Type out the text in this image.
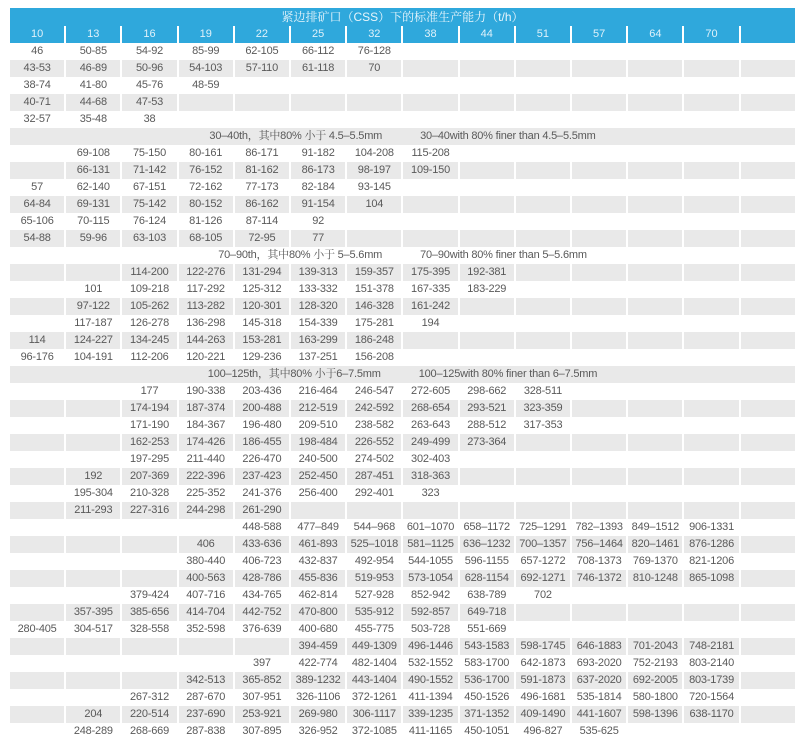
紧边排矿口（CSS）下的标准生产能力（t/h）													
10	13	16	19	22	25	32	38	44	51	57	64	70	
46	50-85	54-92	85-99	62-105	66-112	76-128							
43-53	46-89	50-96	54-103	57-110	61-118	70							
38-74	41-80	45-76	48-59										
40-71	44-68	47-53											
32-57	35-48	38											
30–40th，其中80% 小于 4.5–5.5mm 30–40with 80% finer than 4.5–5.5mm													
	69-108	75-150	80-161	86-171	91-182	104-208	115-208						
	66-131	71-142	76-152	81-162	86-173	98-197	109-150						
57	62-140	67-151	72-162	77-173	82-184	93-145							
64-84	69-131	75-142	80-152	86-162	91-154	104							
65-106	70-115	76-124	81-126	87-114	92								
54-88	59-96	63-103	68-105	72-95	77								
70–90th，其中80% 小于 5–5.6mm 70–90with 80% finer than 5–5.6mm													
		114-200	122-276	131-294	139-313	159-357	175-395	192-381					
	101	109-218	117-292	125-312	133-332	151-378	167-335	183-229					
	97-122	105-262	113-282	120-301	128-320	146-328	161-242						
	117-187	126-278	136-298	145-318	154-339	175-281	194						
114	124-227	134-245	144-263	153-281	163-299	186-248							
96-176	104-191	112-206	120-221	129-236	137-251	156-208							
100–125th，其中80% 小于6–7.5mm 100–125with 80% finer than 6–7.5mm													
		177	190-338	203-436	216-464	246-547	272-605	298-662	328-511				
		174-194	187-374	200-488	212-519	242-592	268-654	293-521	323-359				
		171-190	184-367	196-480	209-510	238-582	263-643	288-512	317-353				
		162-253	174-426	186-455	198-484	226-552	249-499	273-364					
		197-295	211-440	226-470	240-500	274-502	302-403						
	192	207-369	222-396	237-423	252-450	287-451	318-363						
	195-304	210-328	225-352	241-376	256-400	292-401	323						
	211-293	227-316	244-298	261-290									
				448-588	477–849	544–968	601–1070	658–1172	725–1291	782–1393	849–1512	906-1331	
			406	433-636	461-893	525–1018	581–1125	636–1232	700–1357	756–1464	820–1461	876-1286	
			380-440	406-723	432-837	492-954	544-1055	596-1155	657-1272	708-1373	769-1370	821-1206	
			400-563	428-786	455-836	519-953	573-1054	628-1154	692-1271	746-1372	810-1248	865-1098	
		379-424	407-716	434-765	462-814	527-928	852-942	638-789	702				
	357-395	385-656	414-704	442-752	470-800	535-912	592-857	649-718					
280-405	304-517	328-558	352-598	376-639	400-680	455-775	503-728	551-669					
					394-459	449-1309	496-1446	543-1583	598-1745	646-1883	701-2043	748-2181	
				397	422-774	482-1404	532-1552	583-1700	642-1873	693-2020	752-2193	803-2140	
			342-513	365-852	389-1232	443-1404	490-1552	536-1700	591-1873	637-2020	692-2005	803-1739	
		267-312	287-670	307-951	326-1106	372-1261	411-1394	450-1526	496-1681	535-1814	580-1800	720-1564	
	204	220-514	237-690	253-921	269-980	306-1117	339-1235	371-1352	409-1490	441-1607	598-1396	638-1170	
	248-289	268-669	287-838	307-895	326-952	372-1085	411-1165	450-1051	496-827	535-625			
